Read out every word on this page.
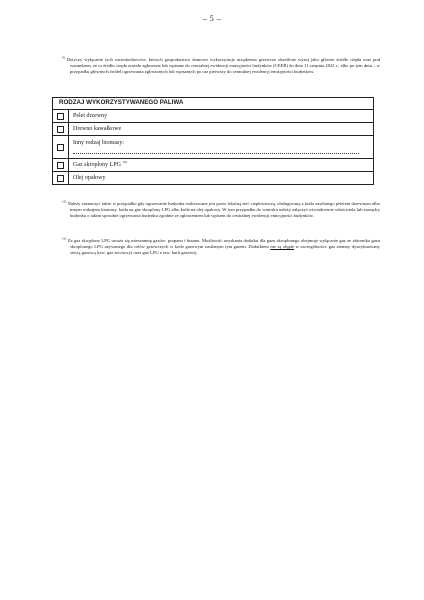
– 5 –
$^{9)}$ Dotyczy wyłącznie tych wnioskodawców, których gospodarstwo domowe wykorzystuje urządzenia grzewcze określone wyżej jako główne źródło ciepła oraz pod warunkiem, że to źródło ciepła zostało zgłoszone lub wpisane do centralnej ewidencji emisyjności budynków (CEEB) do dnia 11 sierpnia 2022 r., albo po tym dniu – w przypadku głównych źródeł ogrzewania zgłoszonych lub wpisanych po raz pierwszy do centralnej ewidencji emisyjności budynków.
RODZAJ WYKORZYSTYWANEGO PALIWA
Pelet drzewny
Drewno kawałkowe
Inny rodzaj biomasy:
Gaz skroplony LPG $^{10)}$
Olej opałowy
$^{10)}$ Należy zaznaczyć także w przypadku gdy ogrzewanie budynku realizowane jest przez lokalną sieć ciepłowniczą, obsługiwaną z kotła zasilanego peletem drzewnym albo innym rodzajem biomasy, kotła na gaz skroplony LPG albo kotła na olej opałowy. W tym przypadku do wniosku należy załączyć oświadczenie właściciela lub zarządcy budynku o takim sposobie ogrzewania budynku zgodnie ze zgłoszeniem lub wpisem do centralnej ewidencji emisyjności budynków.
$^{10)}$ Za gaz skroplony LPG uważa się mieszaninę gazów: propanu i butanu. Możliwość uzyskania dodatku dla gazu skroplonego obejmuje wyłącznie gaz ze zbiornika gazu skroplonego LPG używanego dla celów grzewczych w kotle gazowym zasilanym tym gazem. Dodatkiem nie są objęte w szczególności: gaz ziemny dystrybuowany siecią gazową (tzw. gaz sieciowy) oraz gaz LPG z tzw. butli gazowej.
